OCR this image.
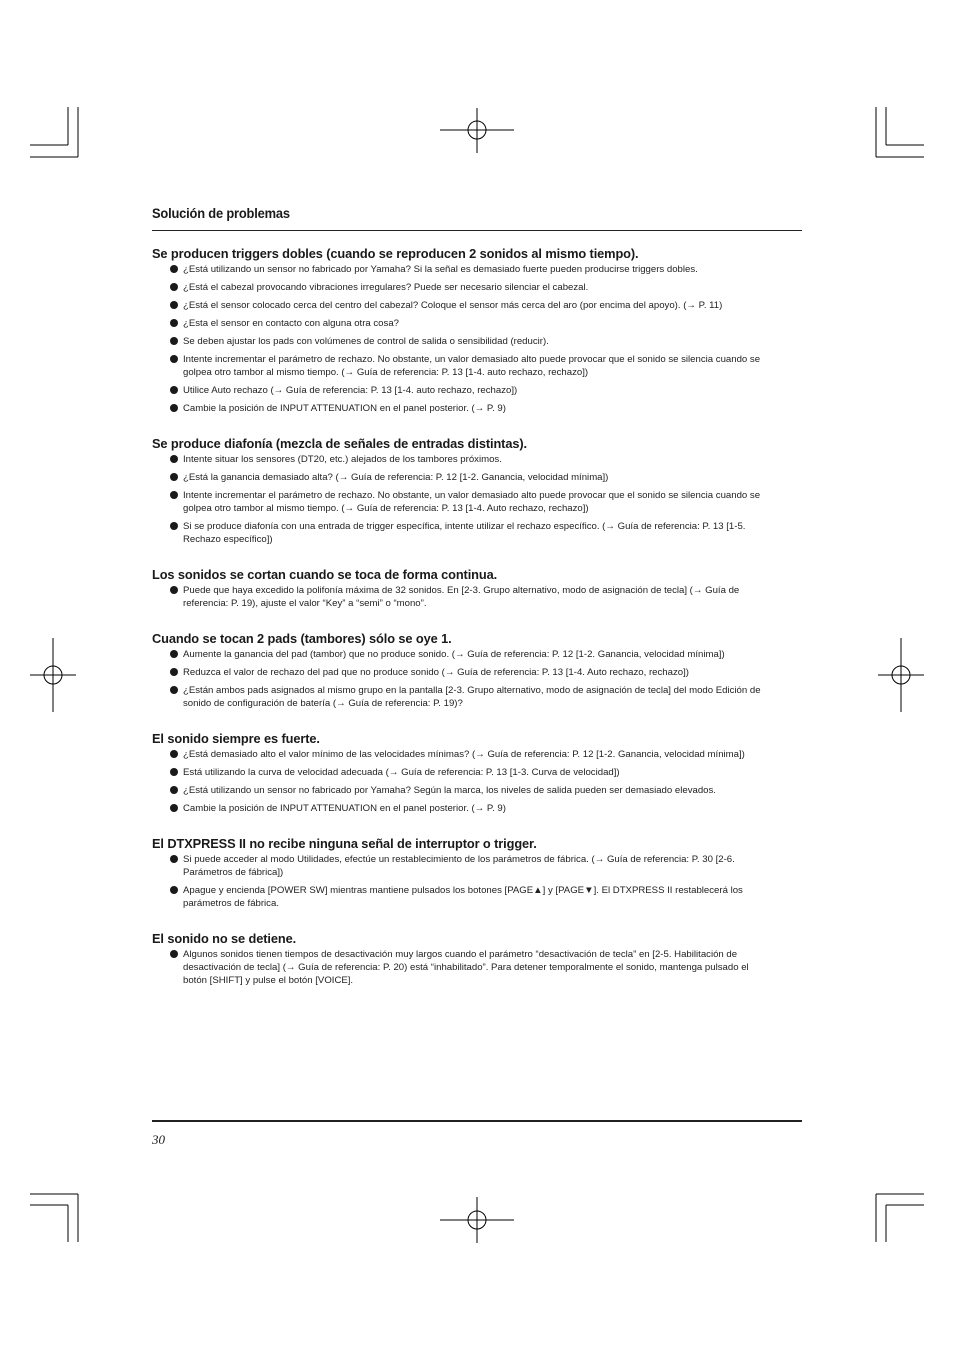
Solución de problemas
Se producen triggers dobles (cuando se reproducen 2 sonidos al mismo tiempo).
¿Está utilizando un sensor no fabricado por Yamaha? Si la señal es demasiado fuerte pueden producirse triggers dobles.
¿Está el cabezal provocando vibraciones irregulares? Puede ser necesario silenciar el cabezal.
¿Está el sensor colocado cerca del centro del cabezal? Coloque el sensor más cerca del aro (por encima del apoyo). (→ P. 11)
¿Esta el sensor en contacto con alguna otra cosa?
Se deben ajustar los pads con volúmenes de control de salida o sensibilidad (reducir).
Intente incrementar el parámetro de rechazo. No obstante, un valor demasiado alto puede provocar que el sonido se silencia cuando se golpea otro tambor al mismo tiempo. (→ Guía de referencia: P. 13 [1-4. auto rechazo, rechazo])
Utilice Auto rechazo (→ Guía de referencia: P. 13 [1-4. auto rechazo, rechazo])
Cambie la posición de INPUT ATTENUATION en el panel posterior. (→ P. 9)
Se produce diafonía (mezcla de señales de entradas distintas).
Intente situar los sensores (DT20, etc.) alejados de los tambores próximos.
¿Está la ganancia demasiado alta? (→ Guía de referencia: P. 12 [1-2. Ganancia, velocidad mínima])
Intente incrementar el parámetro de rechazo. No obstante, un valor demasiado alto puede provocar que el sonido se silencia cuando se golpea otro tambor al mismo tiempo. (→ Guía de referencia: P. 13 [1-4. Auto rechazo, rechazo])
Si se produce diafonía con una entrada de trigger específica, intente utilizar el rechazo específico. (→ Guía de referencia: P. 13 [1-5. Rechazo específico])
Los sonidos se cortan cuando se toca de forma continua.
Puede que haya excedido la polifonía máxima de 32 sonidos. En [2-3. Grupo alternativo, modo de asignación de tecla] (→ Guía de referencia: P. 19), ajuste el valor “Key” a “semi” o “mono”.
Cuando se tocan 2 pads (tambores) sólo se oye 1.
Aumente la ganancia del pad (tambor) que no produce sonido. (→ Guía de referencia: P. 12 [1-2. Ganancia, velocidad mínima])
Reduzca el valor de rechazo del pad que no produce sonido (→ Guía de referencia: P. 13 [1-4. Auto rechazo, rechazo])
¿Están ambos pads asignados al mismo grupo en la pantalla [2-3. Grupo alternativo, modo de asignación de tecla] del modo Edición de sonido de configuración de batería (→ Guía de referencia: P. 19)?
El sonido siempre es fuerte.
¿Está demasiado alto el valor mínimo de las velocidades mínimas? (→ Guía de referencia: P. 12 [1-2. Ganancia, velocidad mínima])
Está utilizando la curva de velocidad adecuada (→ Guía de referencia: P. 13 [1-3. Curva de velocidad])
¿Está utilizando un sensor no fabricado por Yamaha? Según la marca, los niveles de salida pueden ser demasiado elevados.
Cambie la posición de INPUT ATTENUATION en el panel posterior. (→ P. 9)
El DTXPRESS II no recibe ninguna señal de interruptor o trigger.
Si puede acceder al modo Utilidades, efectúe un restablecimiento de los parámetros de fábrica. (→ Guía de referencia: P. 30 [2-6. Parámetros de fábrica])
Apague y encienda [POWER SW] mientras mantiene pulsados los botones [PAGE▲] y [PAGE▼]. El DTXPRESS II restablecerá los parámetros de fábrica.
El sonido no se detiene.
Algunos sonidos tienen tiempos de desactivación muy largos cuando el parámetro “desactivación de tecla” en [2-5. Habilitación de desactivación de tecla] (→ Guía de referencia: P. 20) está “inhabilitado”. Para detener temporalmente el sonido, mantenga pulsado el botón [SHIFT] y pulse el botón [VOICE].
30
